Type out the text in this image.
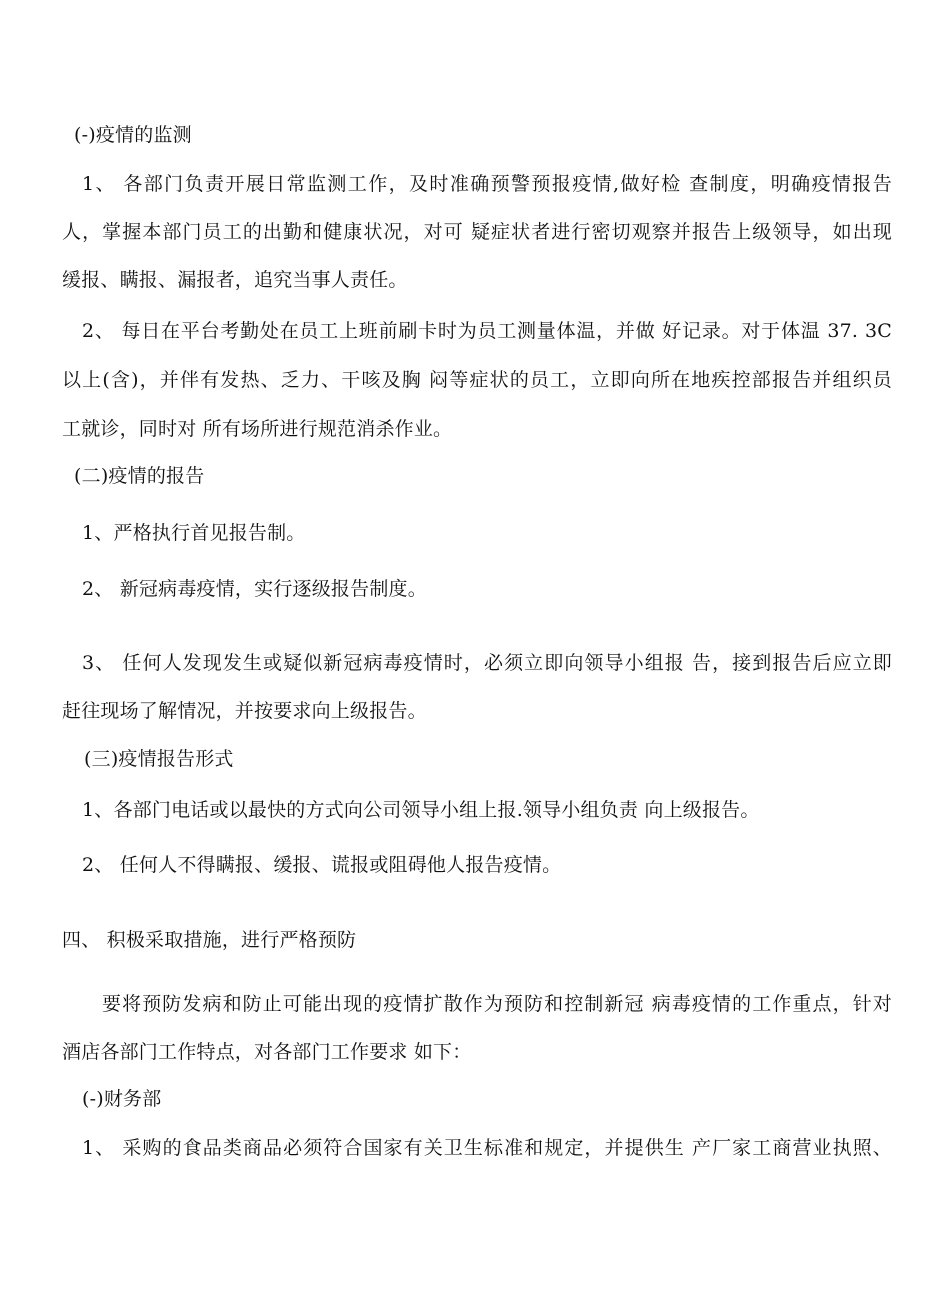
(-)疫情的监测
1、 各部门负责开展日常监测工作，及时准确预警预报疫情,做好检 查制度，明确疫情报告
人，掌握本部门员工的出勤和健康状况，对可 疑症状者进行密切观察并报告上级领导，如出现
缓报、瞒报、漏报者，追究当事人责任。
2、 每日在平台考勤处在员工上班前刷卡时为员工测量体温，并做 好记录。对于体温 37. 3C
以上(含)，并伴有发热、乏力、干咳及胸 闷等症状的员工，立即向所在地疾控部报告并组织员
工就诊，同时对 所有场所进行规范消杀作业。
(二)疫情的报告
1、严格执行首见报告制。
2、 新冠病毒疫情，实行逐级报告制度。
3、 任何人发现发生或疑似新冠病毒疫情时，必须立即向领导小组报 告，接到报告后应立即
赶往现场了解情况，并按要求向上级报告。
(三)疫情报告形式
1、各部门电话或以最快的方式向公司领导小组上报.领导小组负责 向上级报告。
2、 任何人不得瞒报、缓报、谎报或阻碍他人报告疫情。
四、 积极采取措施，进行严格预防
要将预防发病和防止可能出现的疫情扩散作为预防和控制新冠 病毒疫情的工作重点，针对
酒店各部门工作特点，对各部门工作要求 如下：
(-)财务部
1、 采购的食品类商品必须符合国家有关卫生标准和规定，并提供生 产厂家工商营业执照、
